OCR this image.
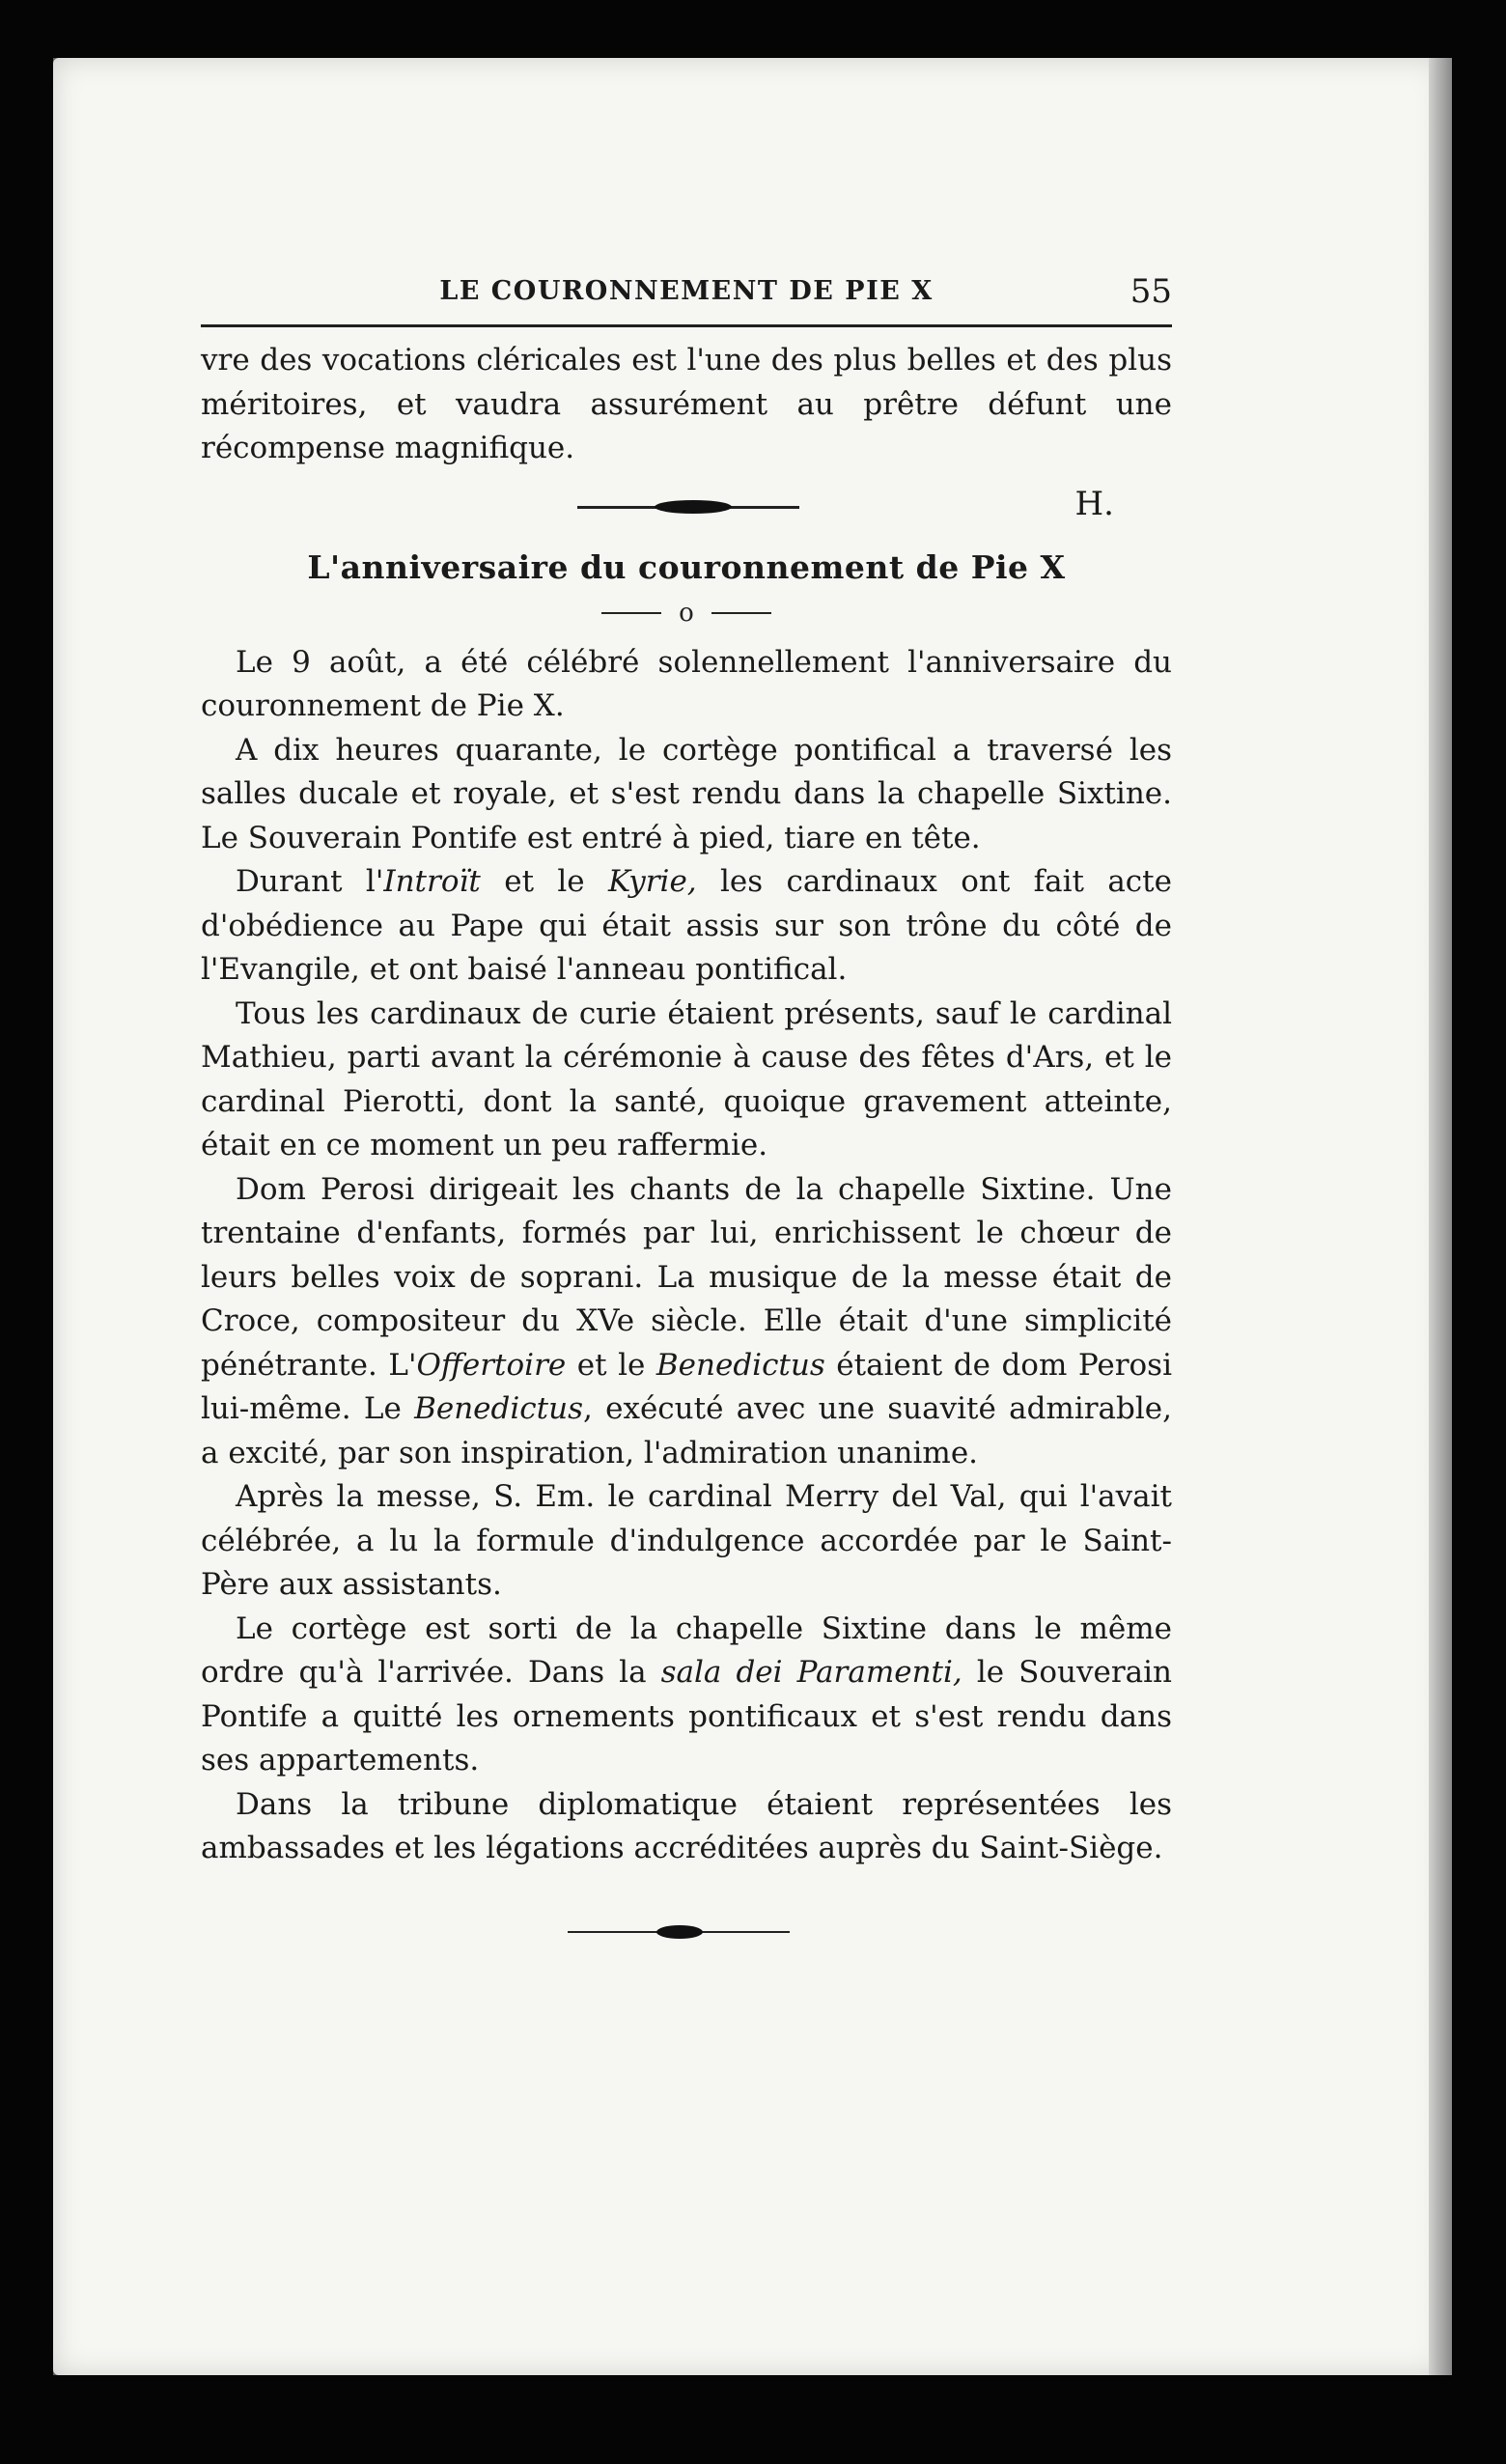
LE COURONNEMENT DE PIE X	55

vre des vocations cléricales est l'une des plus belles et des plus méritoires, et vaudra assurément au prêtre défunt une récompense magnifique.

H.
L'anniversaire du couronnement de Pie X
o

Le 9 août, a été célébré solennellement l'anniversaire du couronnement de Pie X.

A dix heures quarante, le cortège pontifical a traversé les salles ducale et royale, et s'est rendu dans la chapelle Sixtine. Le Souverain Pontife est entré à pied, tiare en tête.

Durant l'Introït et le Kyrie, les cardinaux ont fait acte d'obédience au Pape qui était assis sur son trône du côté de l'Evangile, et ont baisé l'anneau pontifical.

Tous les cardinaux de curie étaient présents, sauf le cardinal Mathieu, parti avant la cérémonie à cause des fêtes d'Ars, et le cardinal Pierotti, dont la santé, quoique gravement atteinte, était en ce moment un peu raffermie.

Dom Perosi dirigeait les chants de la chapelle Sixtine. Une trentaine d'enfants, formés par lui, enrichissent le chœur de leurs belles voix de soprani. La musique de la messe était de Croce, compositeur du XVe siècle. Elle était d'une simplicité pénétrante. L'Offertoire et le Benedictus étaient de dom Perosi lui-même. Le Benedictus, exécuté avec une suavité admirable, a excité, par son inspiration, l'admiration unanime.

Après la messe, S. Em. le cardinal Merry del Val, qui l'avait célébrée, a lu la formule d'indulgence accordée par le Saint-Père aux assistants.

Le cortège est sorti de la chapelle Sixtine dans le même ordre qu'à l'arrivée. Dans la sala dei Paramenti, le Souverain Pontife a quitté les ornements pontificaux et s'est rendu dans ses appartements.

Dans la tribune diplomatique étaient représentées les ambassades et les légations accréditées auprès du Saint-Siège.
